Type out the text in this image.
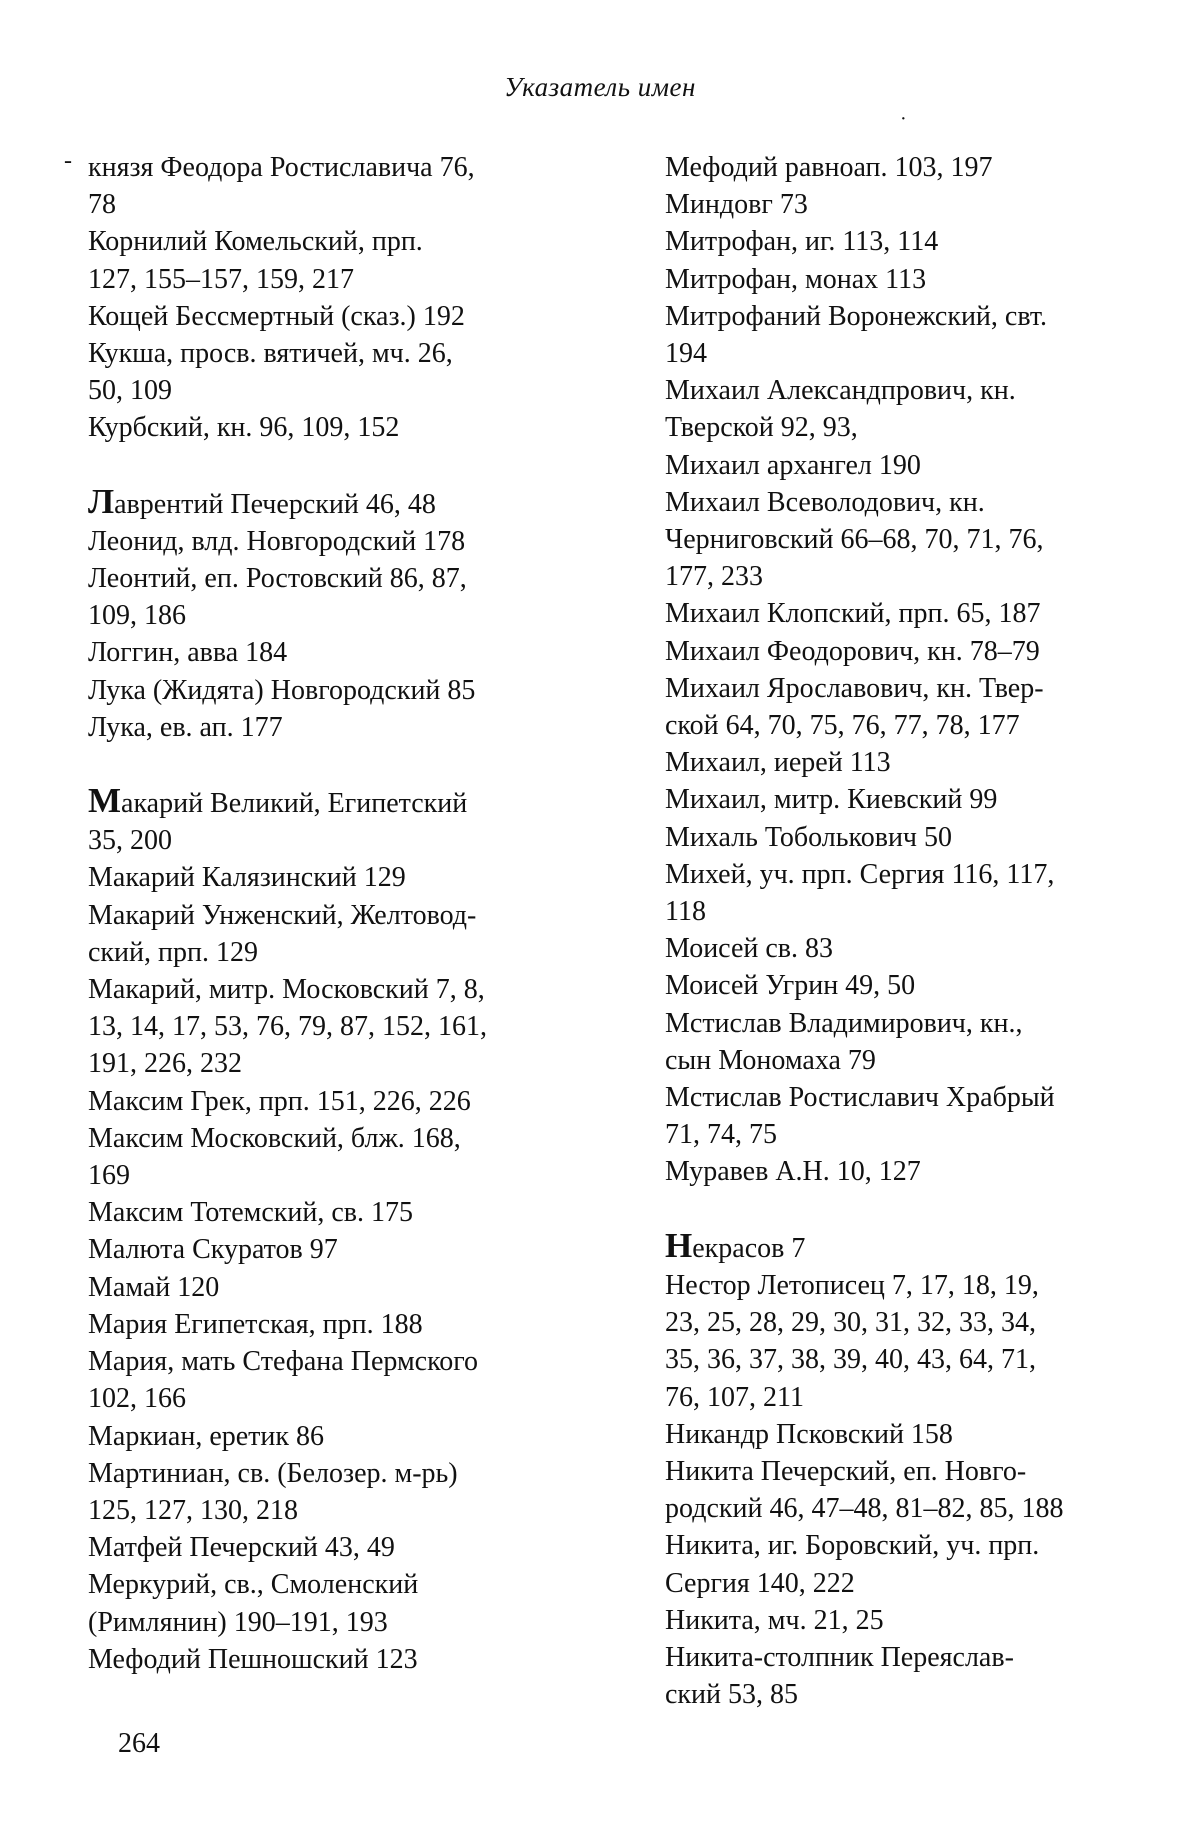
Указатель имен
-
·

князя Феодора Ростиславича 76,

78

Корнилий Комельский, прп.

127, 155–157, 159, 217

Кощей Бессмертный (сказ.) 192

Кукша, просв. вятичей, мч. 26,

50, 109

Курбский, кн. 96, 109, 152

Лаврентий Печерский 46, 48

Леонид, влд. Новгородский 178

Леонтий, еп. Ростовский 86, 87,

109, 186

Логгин, авва 184

Лука (Жидята) Новгородский 85

Лука, ев. ап. 177

Макарий Великий, Египетский

35, 200

Макарий Калязинский 129

Макарий Унженский, Желтовод-

ский, прп. 129

Макарий, митр. Московский 7, 8,

13, 14, 17, 53, 76, 79, 87, 152, 161,

191, 226, 232

Максим Грек, прп. 151, 226, 226

Максим Московский, блж. 168,

169

Максим Тотемский, св. 175

Малюта Скуратов 97

Мамай 120

Мария Египетская, прп. 188

Мария, мать Стефана Пермского

102, 166

Маркиан, еретик 86

Мартиниан, св. (Белозер. м-рь)

125, 127, 130, 218

Матфей Печерский 43, 49

Меркурий, св., Смоленский

(Римлянин) 190–191, 193

Мефодий Пешношский 123

Мефодий равноап. 103, 197

Миндовг 73

Митрофан, иг. 113, 114

Митрофан, монах 113

Митрофаний Воронежский, свт.

194

Михаил Александпрович, кн.

Тверской 92, 93,

Михаил архангел 190

Михаил Всеволодович, кн.

Черниговский 66–68, 70, 71, 76,

177, 233

Михаил Клопский, прп. 65, 187

Михаил Феодорович, кн. 78–79

Михаил Ярославович, кн. Твер-

ской 64, 70, 75, 76, 77, 78, 177

Михаил, иерей 113

Михаил, митр. Киевский 99

Михаль Тоболькович 50

Михей, уч. прп. Сергия 116, 117,

118

Моисей св. 83

Моисей Угрин 49, 50

Мстислав Владимирович, кн.,

сын Мономаха 79

Мстислав Ростиславич Храбрый

71, 74, 75

Муравев А.Н. 10, 127

Некрасов 7

Нестор Летописец 7, 17, 18, 19,

23, 25, 28, 29, 30, 31, 32, 33, 34,

35, 36, 37, 38, 39, 40, 43, 64, 71,

76, 107, 211

Никандр Псковский 158

Никита Печерский, еп. Новго-

родский 46, 47–48, 81–82, 85, 188

Никита, иг. Боровский, уч. прп.

Сергия 140, 222

Никита, мч. 21, 25

Никита-столпник Переяслав-

ский 53, 85

264
